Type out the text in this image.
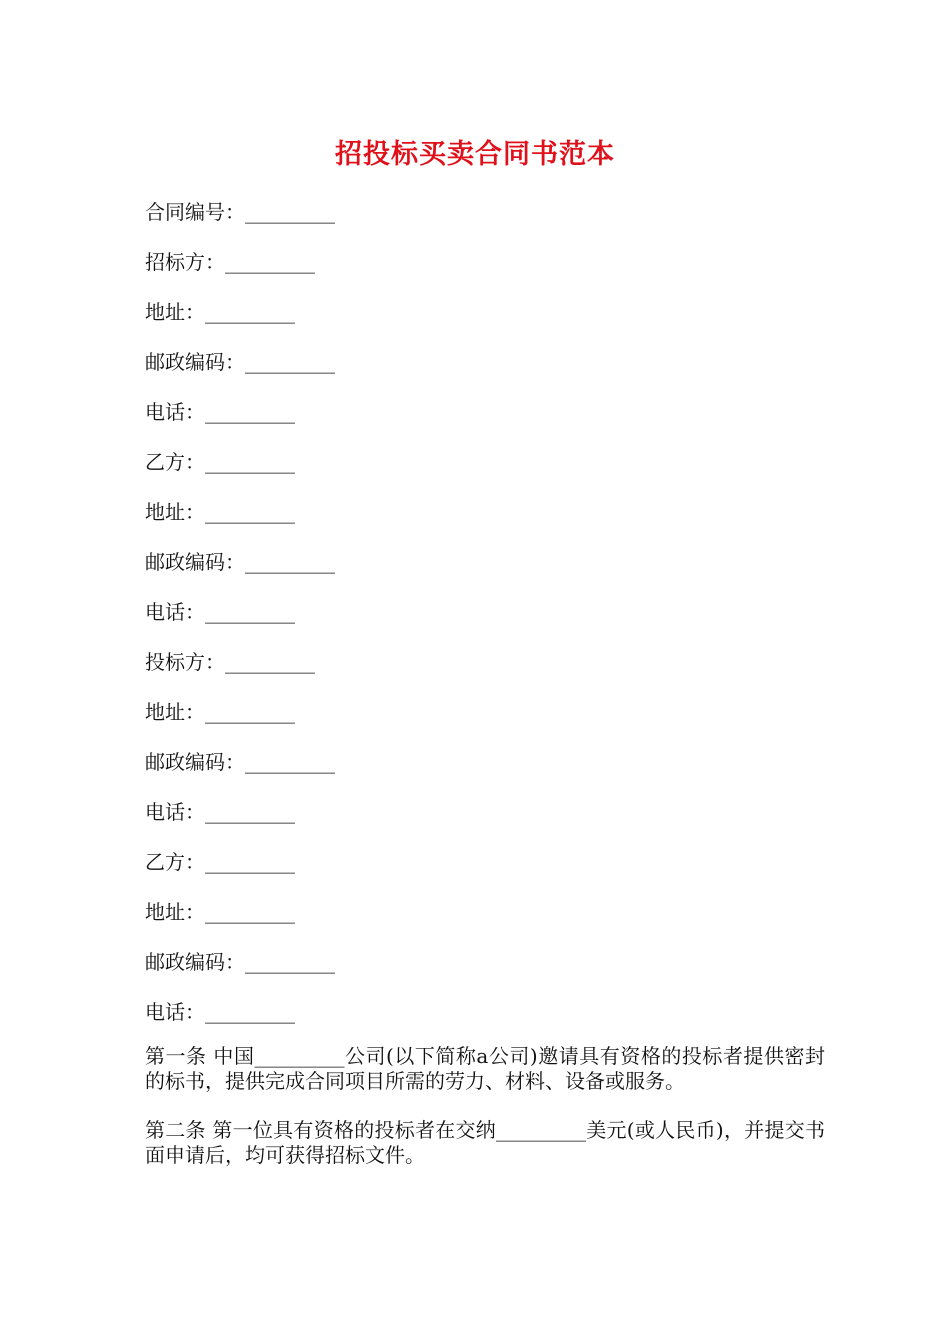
招投标买卖合同书范本
合同编号：_________
招标方：_________
地址：_________
邮政编码：_________
电话：_________
乙方：_________
地址：_________
邮政编码：_________
电话：_________
投标方：_________
地址：_________
邮政编码：_________
电话：_________
乙方：_________
地址：_________
邮政编码：_________
电话：_________
第一条 中国_________公司(以下简称a公司)邀请具有资格的投标者提供密封的标书，提供完成合同项目所需的劳力、材料、设备或服务。
第二条 第一位具有资格的投标者在交纳_________美元(或人民币)，并提交书面申请后，均可获得招标文件。
